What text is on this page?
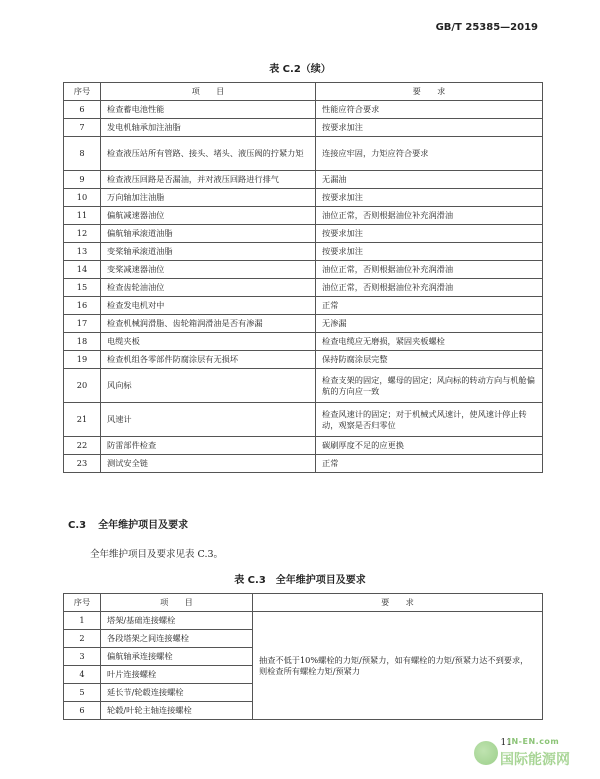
GB/T 25385—2019
表 C.2（续）
序号	项　　目	要　　求
6	检查蓄电池性能	性能应符合要求
7	发电机轴承加注油脂	按要求加注
8	检查液压站所有管路、接头、堵头、液压阀的拧紧力矩	连接应牢固，力矩应符合要求
9	检查液压回路是否漏油，并对液压回路进行排气	无漏油
10	万向轴加注油脂	按要求加注
11	偏航减速器油位	油位正常，否则根据油位补充润滑油
12	偏航轴承滚道油脂	按要求加注
13	变桨轴承滚道油脂	按要求加注
14	变桨减速器油位	油位正常，否则根据油位补充润滑油
15	检查齿轮油油位	油位正常，否则根据油位补充润滑油
16	检查发电机对中	正常
17	检查机械润滑脂、齿轮箱润滑油是否有渗漏	无渗漏
18	电缆夹板	检查电缆应无磨损，紧固夹板螺栓
19	检查机组各零部件防腐涂层有无损坏	保持防腐涂层完整
20	风向标	检查支架的固定，螺母的固定；风向标的转动方向与机舱偏航的方向应一致
21	风速计	检查风速计的固定；对于机械式风速计，使风速计停止转动，观察是否归零位
22	防雷部件检查	碳刷厚度不足的应更换
23	测试安全链	正常
C.3 全年维护项目及要求
全年维护项目及要求见表 C.3。
表 C.3　全年维护项目及要求
序号	项　　目	要　　求
1	塔架/基础连接螺栓	抽查不低于10%螺栓的力矩/预紧力，如有螺栓的力矩/预紧力达不到要求，则检查所有螺栓力矩/预紧力
2	各段塔架之间连接螺栓	
3	偏航轴承连接螺栓	
4	叶片连接螺栓	
5	延长节/轮毂连接螺栓	
6	轮毂/叶轮主轴连接螺栓	
11
IN-EN.com
国际能源网
